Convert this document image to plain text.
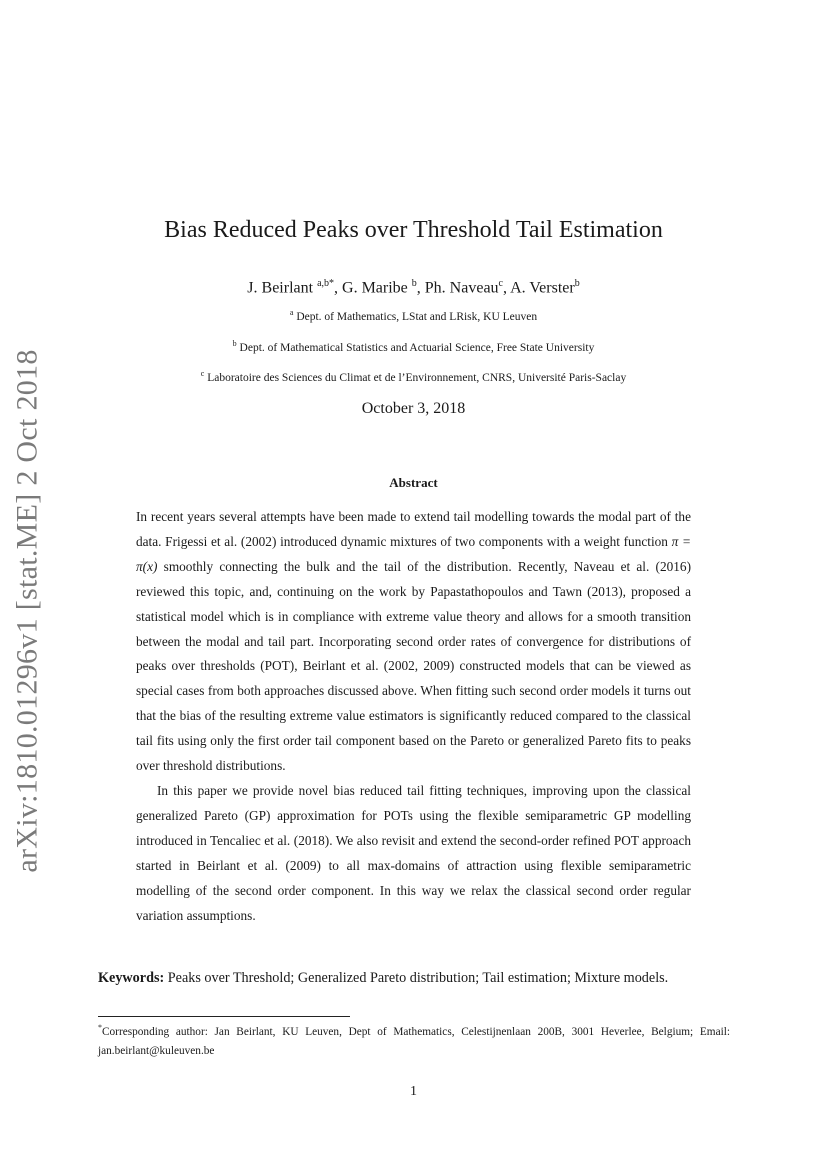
arXiv:1810.01296v1 [stat.ME] 2 Oct 2018
Bias Reduced Peaks over Threshold Tail Estimation
J. Beirlant $^{a,b*}$, G. Maribe $^b$, Ph. Naveau$^c$, A. Verster$^b$
$^a$ Dept. of Mathematics, LStat and LRisk, KU Leuven
$^b$ Dept. of Mathematical Statistics and Actuarial Science, Free State University
$^c$ Laboratoire des Sciences du Climat et de l’Environnement, CNRS, Université Paris-Saclay
October 3, 2018
Abstract

In recent years several attempts have been made to extend tail modelling towards the modal part of the data. Frigessi et al. (2002) introduced dynamic mixtures of two components with a weight function π = π(x) smoothly connecting the bulk and the tail of the distribution. Recently, Naveau et al. (2016) reviewed this topic, and, continuing on the work by Papastathopoulos and Tawn (2013), proposed a statistical model which is in compliance with extreme value theory and allows for a smooth transition between the modal and tail part. Incorporating second order rates of convergence for distributions of peaks over thresholds (POT), Beirlant et al. (2002, 2009) constructed models that can be viewed as special cases from both approaches discussed above. When fitting such second order models it turns out that the bias of the resulting extreme value estimators is significantly reduced compared to the classical tail fits using only the first order tail component based on the Pareto or generalized Pareto fits to peaks over threshold distributions.

In this paper we provide novel bias reduced tail fitting techniques, improving upon the classical generalized Pareto (GP) approximation for POTs using the flexible semiparametric GP modelling introduced in Tencaliec et al. (2018). We also revisit and extend the second-order refined POT approach started in Beirlant et al. (2009) to all max-domains of attraction using flexible semiparametric modelling of the second order component. In this way we relax the classical second order regular variation assumptions.

Keywords: Peaks over Threshold; Generalized Pareto distribution; Tail estimation; Mixture models.
*Corresponding author: Jan Beirlant, KU Leuven, Dept of Mathematics, Celestijnenlaan 200B, 3001 Heverlee, Belgium; Email: jan.beirlant@kuleuven.be
1
